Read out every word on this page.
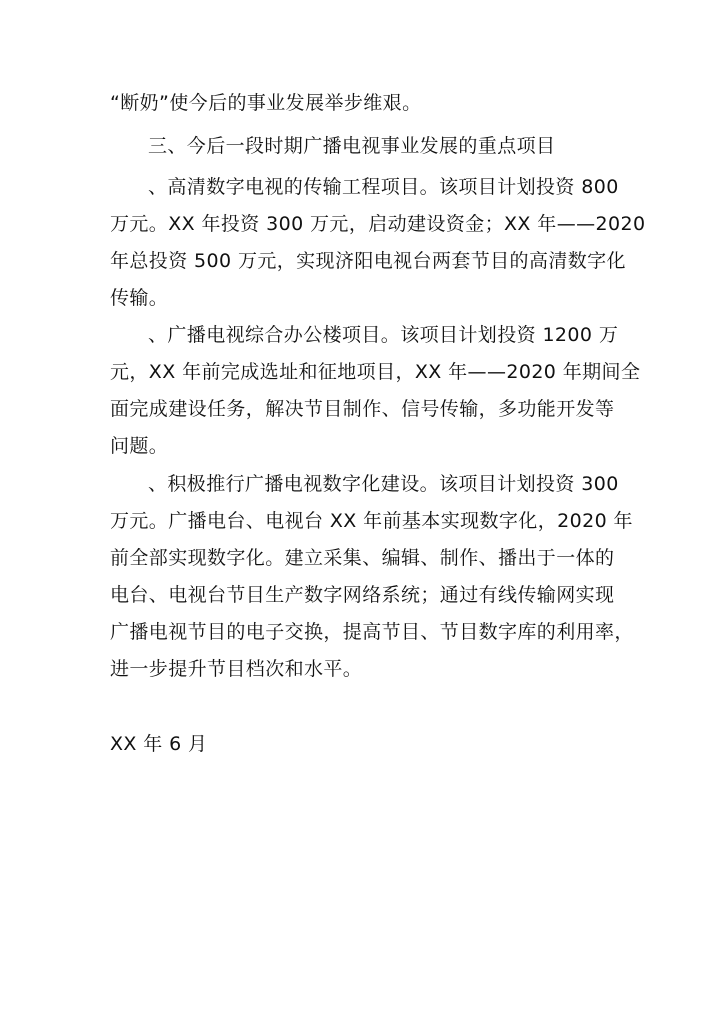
“断奶”使今后的事业发展举步维艰。
三、今后一段时期广播电视事业发展的重点项目
、高清数字电视的传输工程项目。该项目计划投资 800
万元。XX 年投资 300 万元，启动建设资金；XX 年——2020
年总投资 500 万元，实现济阳电视台两套节目的高清数字化
传输。
、广播电视综合办公楼项目。该项目计划投资 1200 万
元，XX 年前完成选址和征地项目，XX 年——2020 年期间全
面完成建设任务，解决节目制作、信号传输，多功能开发等
问题。
、积极推行广播电视数字化建设。该项目计划投资 300
万元。广播电台、电视台 XX 年前基本实现数字化，2020 年
前全部实现数字化。建立采集、编辑、制作、播出于一体的
电台、电视台节目生产数字网络系统；通过有线传输网实现
广播电视节目的电子交换，提高节目、节目数字库的利用率，
进一步提升节目档次和水平。
XX 年 6 月
